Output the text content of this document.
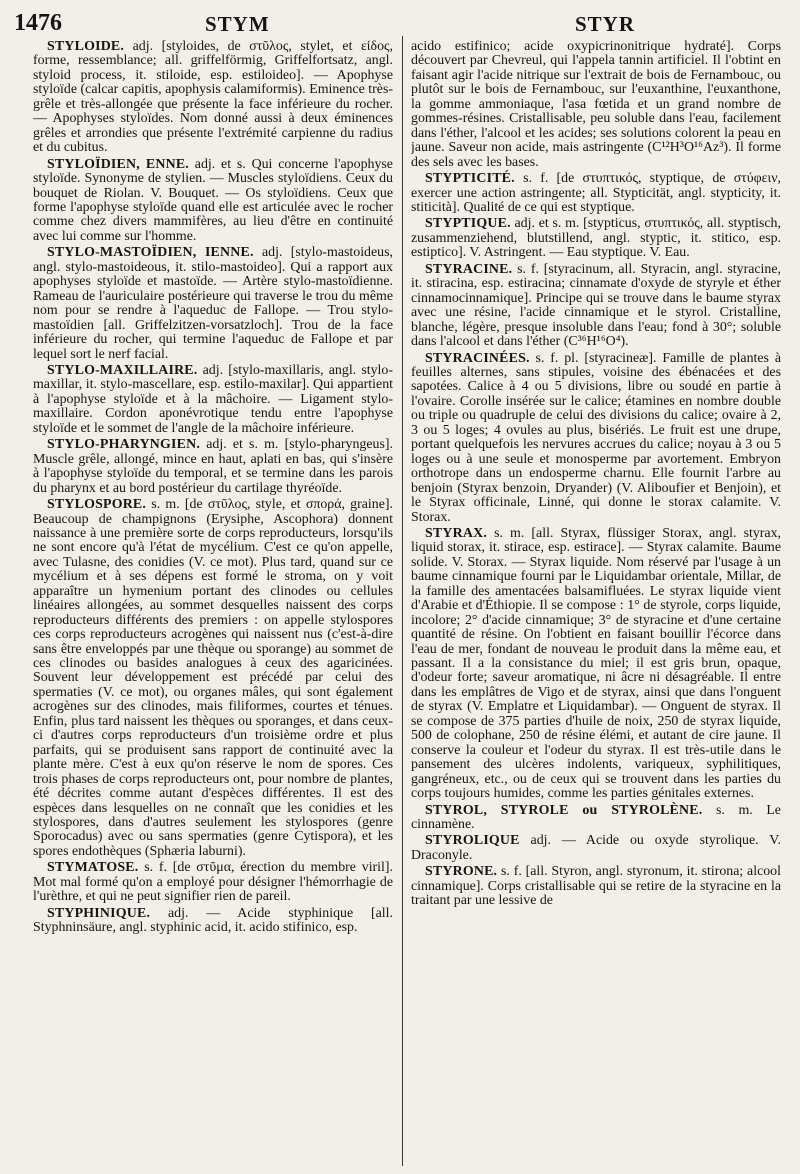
1476	STYM	STYR

STYLOÏDE. adj. [styloides, de στῦλος, stylet, et εἶδος, forme, ressemblance; all. griffelförmig, Griffelfortsatz, angl. styloid process, it. stiloide, esp. estiloideo]. — Apophyse styloïde (calcar capitis, apophysis calamiformis). Eminence très-grêle et très-allongée que présente la face inférieure du rocher. — Apophyses styloïdes. Nom donné aussi à deux éminences grêles et arrondies que présente l'extrémité carpienne du radius et du cubitus.

STYLOÏDIEN, ENNE. adj. et s. Qui concerne l'apophyse styloïde. Synonyme de stylien. — Muscles styloïdiens. Ceux du bouquet de Riolan. V. Bouquet. — Os styloïdiens. Ceux que forme l'apophyse styloïde quand elle est articulée avec le rocher comme chez divers mammifères, au lieu d'être en continuité avec lui comme sur l'homme.

STYLO-MASTOÏDIEN, IENNE. adj. [stylo-mastoideus, angl. stylo-mastoideous, it. stilo-mastoideo]. Qui a rapport aux apophyses styloïde et mastoïde. — Artère stylo-mastoïdienne. Rameau de l'auriculaire postérieure qui traverse le trou du même nom pour se rendre à l'aqueduc de Fallope. — Trou stylo-mastoïdien [all. Griffelzitzen-vorsatzloch]. Trou de la face inférieure du rocher, qui termine l'aqueduc de Fallope et par lequel sort le nerf facial.

STYLO-MAXILLAIRE. adj. [stylo-maxillaris, angl. stylo-maxillar, it. stylo-mascellare, esp. estilo-maxilar]. Qui appartient à l'apophyse styloïde et à la mâchoire. — Ligament stylo-maxillaire. Cordon aponévrotique tendu entre l'apophyse styloïde et le sommet de l'angle de la mâchoire inférieure.

STYLO-PHARYNGIEN. adj. et s. m. [stylo-pharyngeus]. Muscle grêle, allongé, mince en haut, aplati en bas, qui s'insère à l'apophyse styloïde du temporal, et se termine dans les parois du pharynx et au bord postérieur du cartilage thyréoïde.

STYLOSPORE. s. m. [de στῦλος, style, et σπορά, graine]. Beaucoup de champignons (Erysiphe, Ascophora) donnent naissance à une première sorte de corps reproducteurs, lorsqu'ils ne sont encore qu'à l'état de mycélium. C'est ce qu'on appelle, avec Tulasne, des conidies (V. ce mot). Plus tard, quand sur ce mycélium et à ses dépens est formé le stroma, on y voit apparaître un hymenium portant des clinodes ou cellules linéaires allongées, au sommet desquelles naissent des corps reproducteurs différents des premiers : on appelle stylospores ces corps reproducteurs acrogènes qui naissent nus (c'est-à-dire sans être enveloppés par une thèque ou sporange) au sommet de ces clinodes ou basides analogues à ceux des agaricinées. Souvent leur développement est précédé par celui des spermaties (V. ce mot), ou organes mâles, qui sont également acrogènes sur des clinodes, mais filiformes, courtes et ténues. Enfin, plus tard naissent les thèques ou sporanges, et dans ceux-ci d'autres corps reproducteurs d'un troisième ordre et plus parfaits, qui se produisent sans rapport de continuité avec la plante mère. C'est à eux qu'on réserve le nom de spores. Ces trois phases de corps reproducteurs ont, pour nombre de plantes, été décrites comme autant d'espèces différentes. Il est des espèces dans lesquelles on ne connaît que les conidies et les stylospores, dans d'autres seulement les stylospores (genre Sporocadus) avec ou sans spermaties (genre Cytispora), et les spores endothèques (Sphæria laburni).

STYMATOSE. s. f. [de στῦμα, érection du membre viril]. Mot mal formé qu'on a employé pour désigner l'hémorrhagie de l'urèthre, et qui ne peut signifier rien de pareil.

STYPHINIQUE. adj. — Acide styphinique [all. Styphninsäure, angl. styphinic acid, it. acido stifinico, esp.

acido estifinico; acide oxypicrinonitrique hydraté]. Corps découvert par Chevreul, qui l'appela tannin artificiel. Il l'obtint en faisant agir l'acide nitrique sur l'extrait de bois de Fernambouc, ou plutôt sur le bois de Fernambouc, sur l'euxanthine, l'euxanthone, la gomme ammoniaque, l'asa fœtida et un grand nombre de gommes-résines. Cristallisable, peu soluble dans l'eau, facilement dans l'éther, l'alcool et les acides; ses solutions colorent la peau en jaune. Saveur non acide, mais astringente (C¹²H³O¹⁶Az³). Il forme des sels avec les bases.

STYPTICITÉ. s. f. [de στυπτικός, styptique, de στύφειν, exercer une action astringente; all. Stypticität, angl. stypticity, it. stiticità]. Qualité de ce qui est styptique.

STYPTIQUE. adj. et s. m. [stypticus, στυπτικός, all. styptisch, zusammenziehend, blutstillend, angl. styptic, it. stitico, esp. estiptico]. V. Astringent. — Eau styptique. V. Eau.

STYRACINE. s. f. [styracinum, all. Styracin, angl. styracine, it. stiracina, esp. estiracina; cinnamate d'oxyde de styryle et éther cinnamocinnamique]. Principe qui se trouve dans le baume styrax avec une résine, l'acide cinnamique et le styrol. Cristalline, blanche, légère, presque insoluble dans l'eau; fond à 30°; soluble dans l'alcool et dans l'éther (C³⁶H¹⁶O⁴).

STYRACINÉES. s. f. pl. [styracineæ]. Famille de plantes à feuilles alternes, sans stipules, voisine des ébénacées et des sapotées. Calice à 4 ou 5 divisions, libre ou soudé en partie à l'ovaire. Corolle insérée sur le calice; étamines en nombre double ou triple ou quadruple de celui des divisions du calice; ovaire à 2, 3 ou 5 loges; 4 ovules au plus, bisériés. Le fruit est une drupe, portant quelquefois les nervures accrues du calice; noyau à 3 ou 5 loges ou à une seule et monosperme par avortement. Embryon orthotrope dans un endosperme charnu. Elle fournit l'arbre au benjoin (Styrax benzoin, Dryander) (V. Aliboufier et Benjoin), et le Styrax officinale, Linné, qui donne le storax calamite. V. Storax.

STYRAX. s. m. [all. Styrax, flüssiger Storax, angl. styrax, liquid storax, it. stirace, esp. estirace]. — Styrax calamite. Baume solide. V. Storax. — Styrax liquide. Nom réservé par l'usage à un baume cinnamique fourni par le Liquidambar orientale, Millar, de la famille des amentacées balsamifluées. Le styrax liquide vient d'Arabie et d'Éthiopie. Il se compose : 1° de styrole, corps liquide, incolore; 2° d'acide cinnamique; 3° de styracine et d'une certaine quantité de résine. On l'obtient en faisant bouillir l'écorce dans l'eau de mer, fondant de nouveau le produit dans la même eau, et passant. Il a la consistance du miel; il est gris brun, opaque, d'odeur forte; saveur aromatique, ni âcre ni désagréable. Il entre dans les emplâtres de Vigo et de styrax, ainsi que dans l'onguent de styrax (V. Emplatre et Liquidambar). — Onguent de styrax. Il se compose de 375 parties d'huile de noix, 250 de styrax liquide, 500 de colophane, 250 de résine élémi, et autant de cire jaune. Il conserve la couleur et l'odeur du styrax. Il est très-utile dans le pansement des ulcères indolents, variqueux, syphilitiques, gangréneux, etc., ou de ceux qui se trouvent dans les parties du corps toujours humides, comme les parties génitales externes.

STYROL, STYROLE ou STYROLÈNE. s. m. Le cinnamène.

STYROLIQUE adj. — Acide ou oxyde styrolique. V. Draconyle.

STYRONE. s. f. [all. Styron, angl. styronum, it. stirona; alcool cinnamique]. Corps cristallisable qui se retire de la styracine en la traitant par une lessive de
